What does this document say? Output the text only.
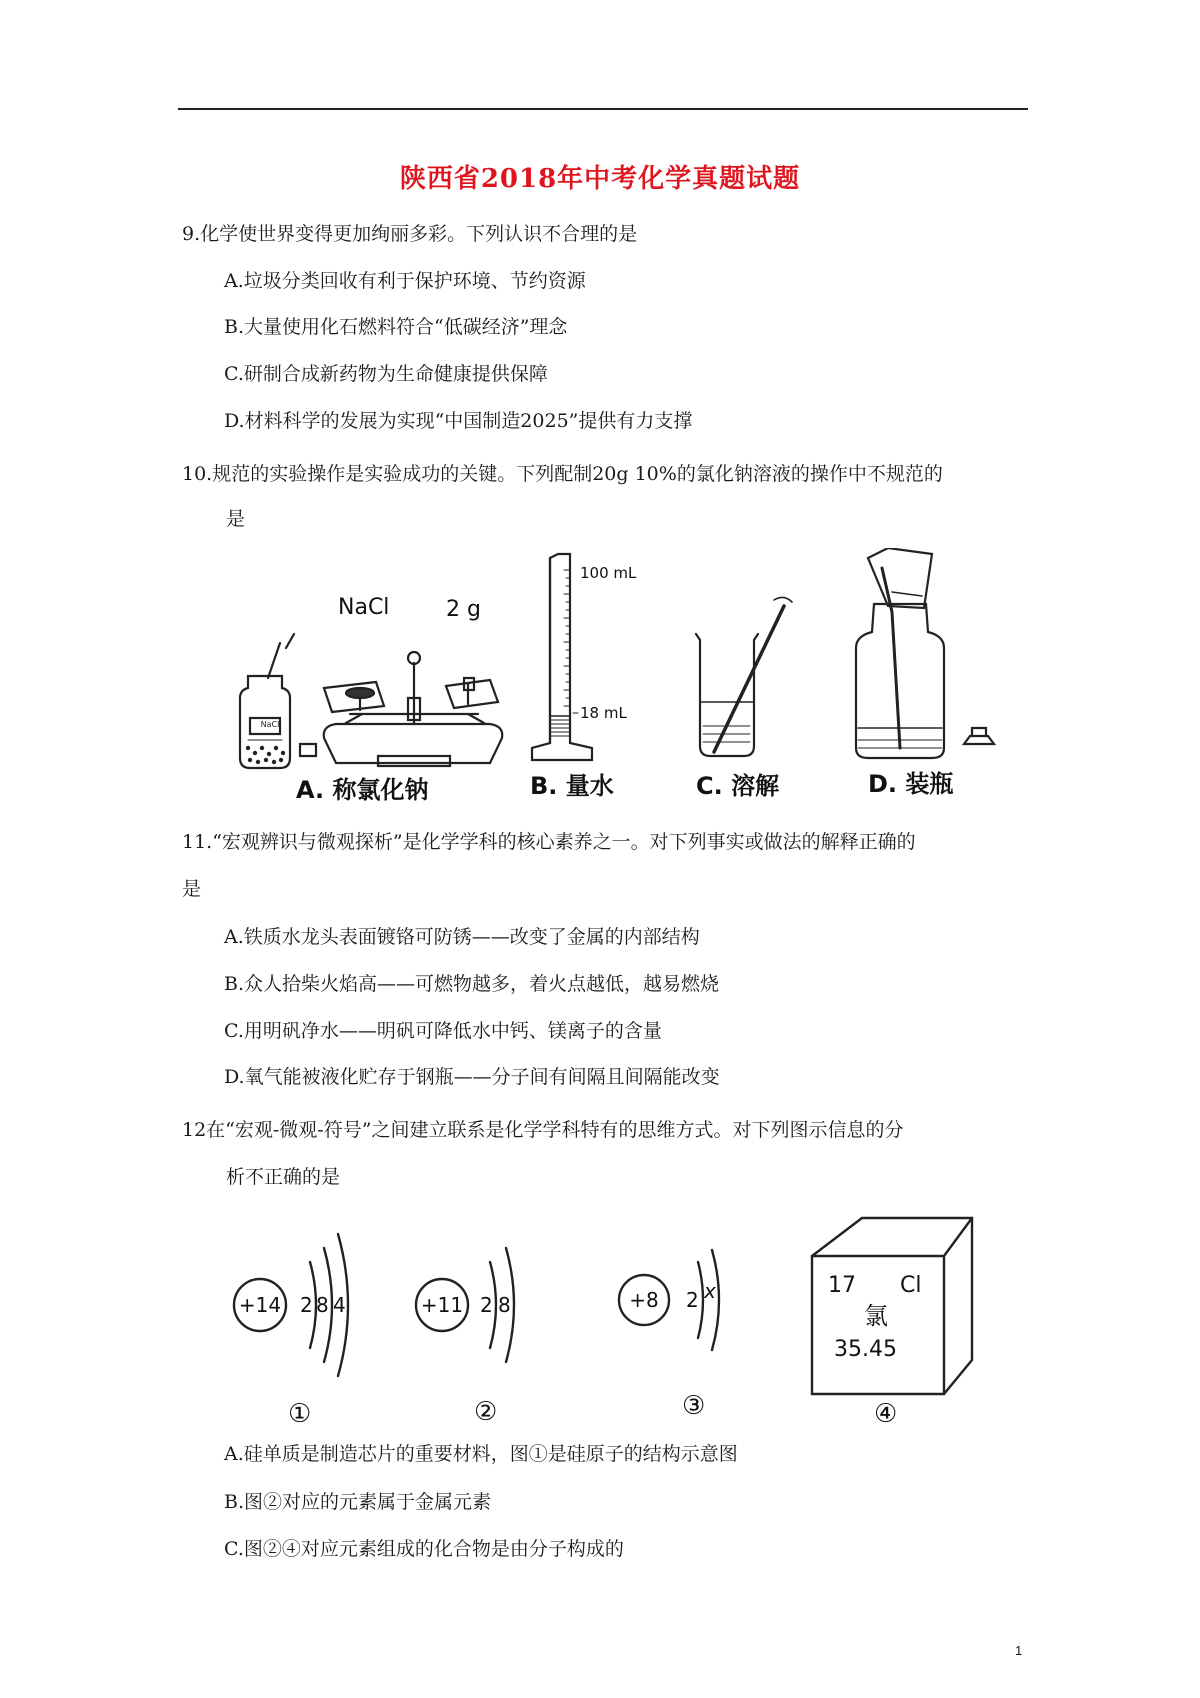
陕西省2018年中考化学真题试题
9.化学使世界变得更加绚丽多彩。下列认识不合理的是
A.垃圾分类回收有利于保护环境、节约资源
B.大量使用化石燃料符合“低碳经济”理念
C.研制合成新药物为生命健康提供保障
D.材料科学的发展为实现“中国制造2025”提供有力支撑
10.规范的实验操作是实验成功的关键。下列配制20g 10%的氯化钠溶液的操作中不规范的
是
NaCl
NaCl	2 g
100 mL
18 mL
A. 称氯化钠	B. 量水	C. 溶解	D. 装瓶
11.“宏观辨识与微观探析”是化学学科的核心素养之一。对下列事实或做法的解释正确的
是
A.铁质水龙头表面镀铬可防锈——改变了金属的内部结构
B.众人拾柴火焰高——可燃物越多，着火点越低，越易燃烧
C.用明矾净水——明矾可降低水中钙、镁离子的含量
D.氧气能被液化贮存于钢瓶——分子间有间隔且间隔能改变
12在“宏观-微观-符号”之间建立联系是化学学科特有的思维方式。对下列图示信息的分
析不正确的是
+14 2 8 4	+11 2 8	+8 2 x	17 Cl
氯
35.45
①	②	③	④
A.硅单质是制造芯片的重要材料，图①是硅原子的结构示意图
B.图②对应的元素属于金属元素
C.图②④对应元素组成的化合物是由分子构成的
1
